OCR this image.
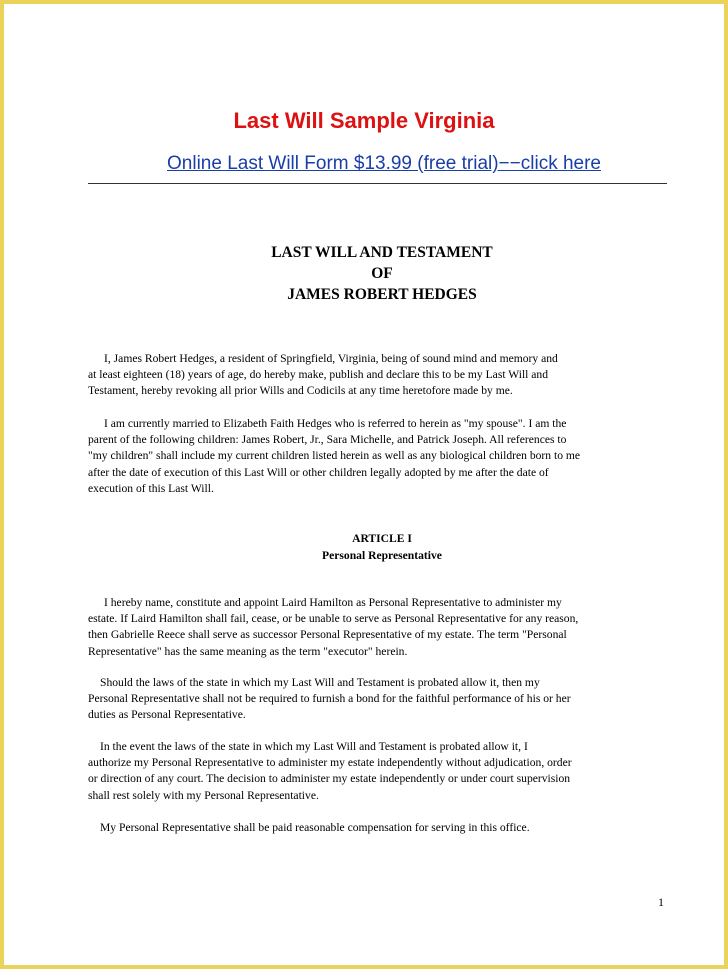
Last Will Sample Virginia
Online Last Will Form $13.99 (free trial)−−click here
LAST WILL AND TESTAMENT
OF
JAMES ROBERT HEDGES
I, James Robert Hedges, a resident of Springfield, Virginia, being of sound mind and memory and
at least eighteen (18) years of age, do hereby make, publish and declare this to be my Last Will and
Testament, hereby revoking all prior Wills and Codicils at any time heretofore made by me.
I am currently married to Elizabeth Faith Hedges who is referred to herein as "my spouse". I am the
parent of the following children: James Robert, Jr., Sara Michelle, and Patrick Joseph. All references to
"my children" shall include my current children listed herein as well as any biological children born to me
after the date of execution of this Last Will or other children legally adopted by me after the date of
execution of this Last Will.
ARTICLE I
Personal Representative
I hereby name, constitute and appoint Laird Hamilton as Personal Representative to administer my
estate. If Laird Hamilton shall fail, cease, or be unable to serve as Personal Representative for any reason,
then Gabrielle Reece shall serve as successor Personal Representative of my estate. The term "Personal
Representative" has the same meaning as the term "executor" herein.
Should the laws of the state in which my Last Will and Testament is probated allow it, then my
Personal Representative shall not be required to furnish a bond for the faithful performance of his or her
duties as Personal Representative.
In the event the laws of the state in which my Last Will and Testament is probated allow it, I
authorize my Personal Representative to administer my estate independently without adjudication, order
or direction of any court. The decision to administer my estate independently or under court supervision
shall rest solely with my Personal Representative.
My Personal Representative shall be paid reasonable compensation for serving in this office.
1
